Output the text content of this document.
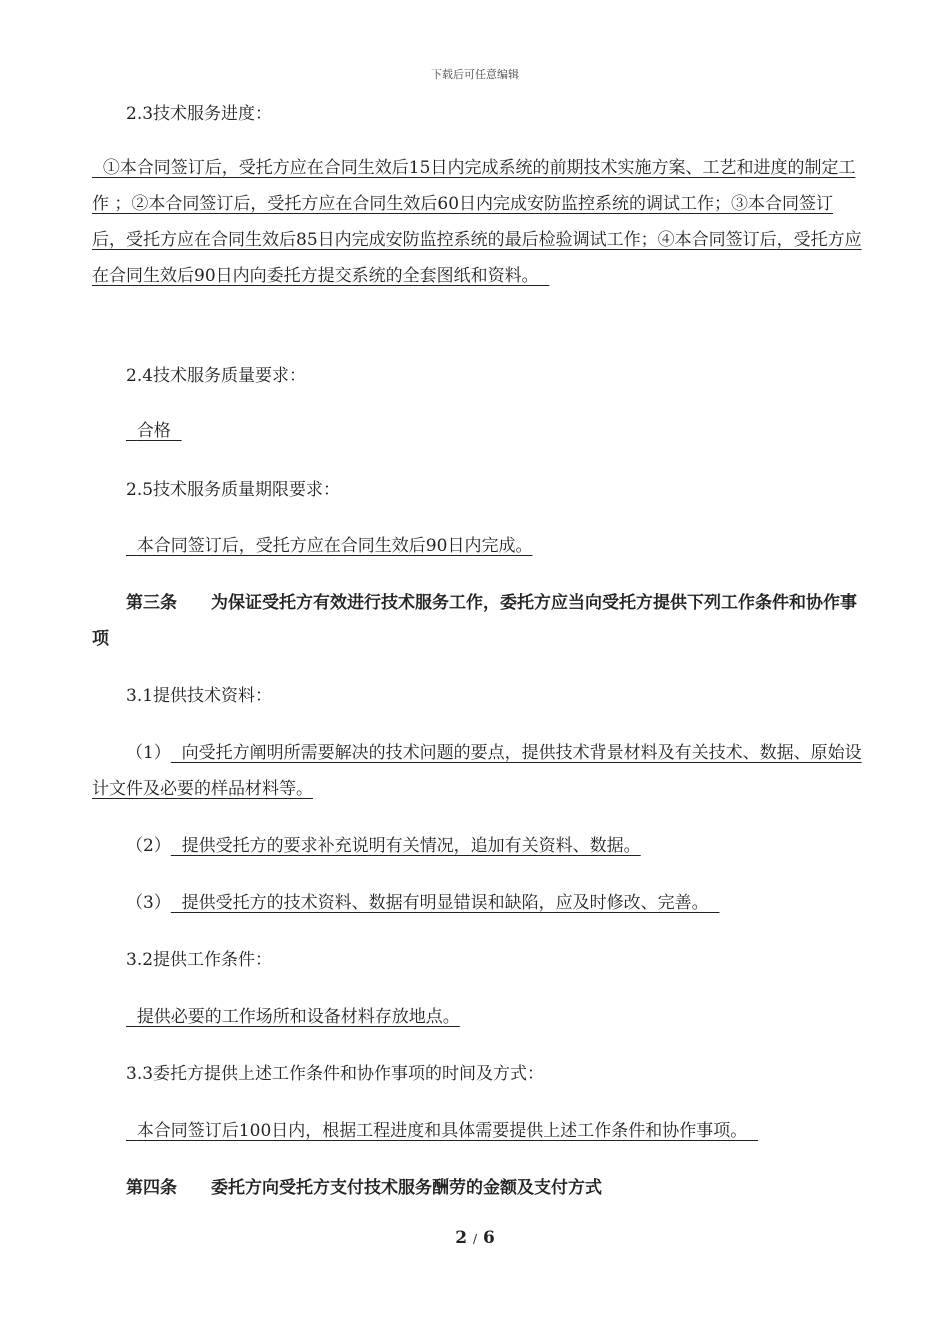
下载后可任意编辑
2.3技术服务进度：
①本合同签订后，受托方应在合同生效后15日内完成系统的前期技术实施方案、工艺和进度的制定工作 ；②本合同签订后，受托方应在合同生效后60日内完成安防监控系统的调试工作；③本合同签订后，受托方应在合同生效后85日内完成安防监控系统的最后检验调试工作；④本合同签订后，受托方应在合同生效后90日内向委托方提交系统的全套图纸和资料。
2.4技术服务质量要求：
合格
2.5技术服务质量期限要求：
本合同签订后，受托方应在合同生效后90日内完成。
第三条 为保证受托方有效进行技术服务工作，委托方应当向受托方提供下列工作条件和协作事项
3.1提供技术资料：
（1）  向受托方阐明所需要解决的技术问题的要点，提供技术背景材料及有关技术、数据、原始设计文件及必要的样品材料等。
（2）  提供受托方的要求补充说明有关情况，追加有关资料、数据。
（3）  提供受托方的技术资料、数据有明显错误和缺陷，应及时修改、完善。
3.2提供工作条件：
提供必要的工作场所和设备材料存放地点。
3.3委托方提供上述工作条件和协作事项的时间及方式：
本合同签订后100日内，根据工程进度和具体需要提供上述工作条件和协作事项。
第四条 委托方向受托方支付技术服务酬劳的金额及支付方式
2 / 6
